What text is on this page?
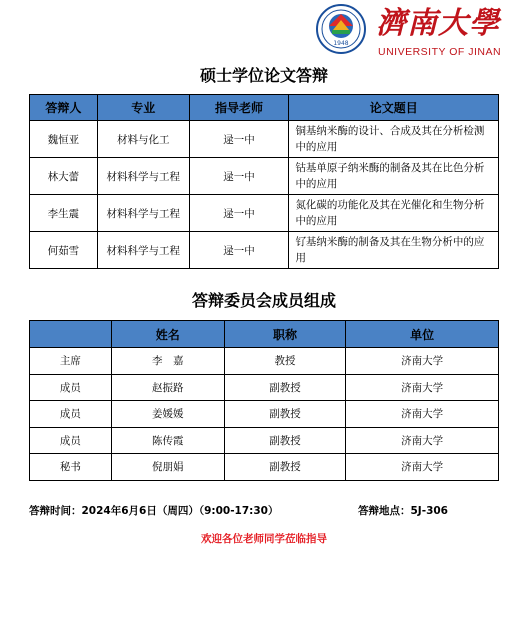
1948
濟南大學
UNIVERSITY OF JINAN
硕士学位论文答辩
答辩人	专业	指导老师	论文题目
魏恒亚	材料与化工	逯一中	铜基纳米酶的设计、合成及其在分析检测中的应用
林大蕾	材料科学与工程	逯一中	钴基单原子纳米酶的制备及其在比色分析中的应用
李生震	材料科学与工程	逯一中	氮化碳的功能化及其在光催化和生物分析中的应用
何茹雪	材料科学与工程	逯一中	钌基纳米酶的制备及其在生物分析中的应用
答辩委员会成员组成
	姓名	职称	单位
主席	李　嘉	教授	济南大学
成员	赵振路	副教授	济南大学
成员	姜媛媛	副教授	济南大学
成员	陈传霞	副教授	济南大学
秘书	倪朋娟	副教授	济南大学
答辩时间：2024年6月6日（周四）（9:00-17:30）	答辩地点：5J-306
欢迎各位老师同学莅临指导
